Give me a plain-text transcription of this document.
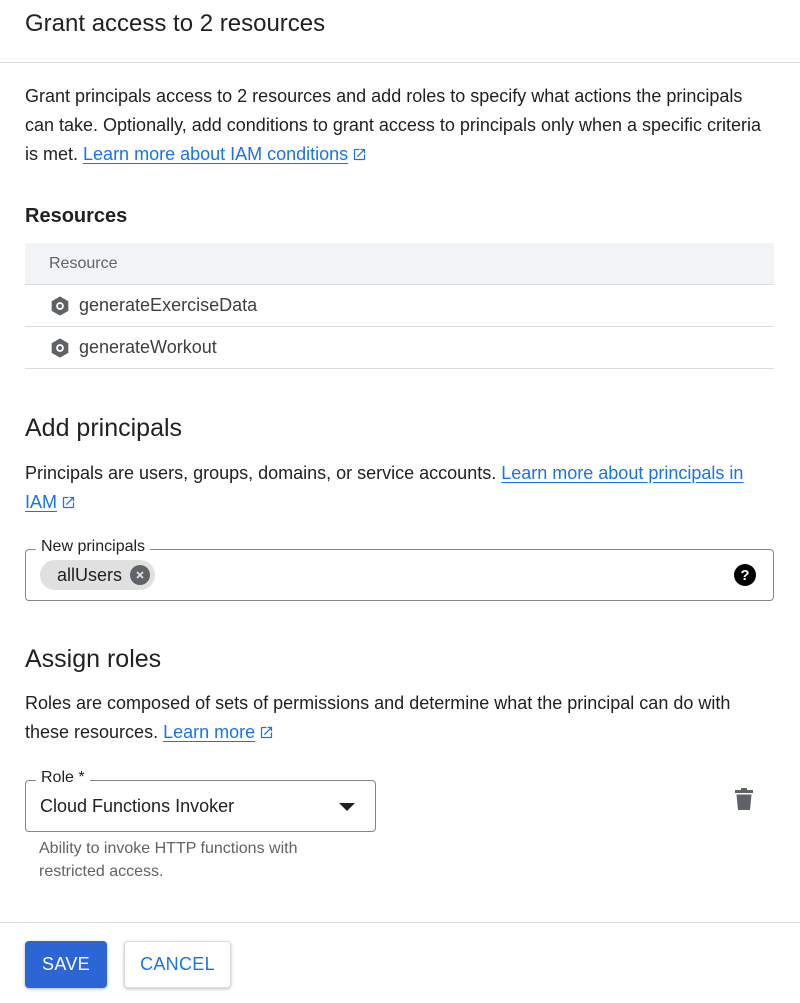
Grant access to 2 resources
Grant principals access to 2 resources and add roles to specify what actions the principals can take. Optionally, add conditions to grant access to principals only when a specific criteria is met. Learn more about IAM conditions
Resources
Resource
generateExerciseData
generateWorkout
Add principals
Principals are users, groups, domains, or service accounts. Learn more about principals in IAM
New principals
allUsers	?
Assign roles
Roles are composed of sets of permissions and determine what the principal can do with these resources. Learn more
Role *
Cloud Functions Invoker
Ability to invoke HTTP functions with restricted access.
SAVE	CANCEL
